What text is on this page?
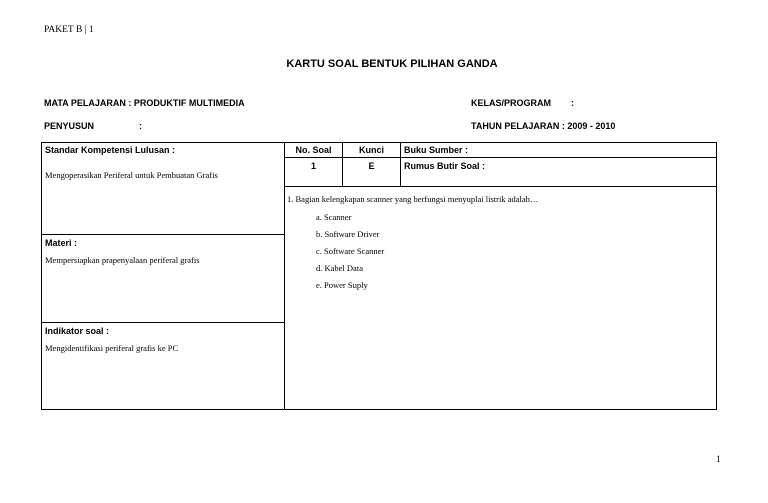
PAKET B | 1
KARTU SOAL BENTUK PILIHAN GANDA
MATA PELAJARAN : PRODUKTIF MULTIMEDIA	KELAS/PROGRAM :
PENYUSUN	:	TAHUN PELAJARAN : 2009 - 2010
Standar Kompetensi Lulusan :
Mengoperasikan Periferal untuk Pembuatan Grafis
Materi :
Mempersiapkan prapenyalaan periferal grafis
Indikator soal :
Mengidentifikasi periferal grafis ke PC
No. Soal	Kunci	Buku Sumber :
1	E	Rumus Butir Soal :
1. Bagian kelengkapan scanner yang berfungsi menyuplai listrik adalah…
a. Scanner
b. Software Driver
c. Software Scanner
d. Kabel Data
e. Power Suply
1
